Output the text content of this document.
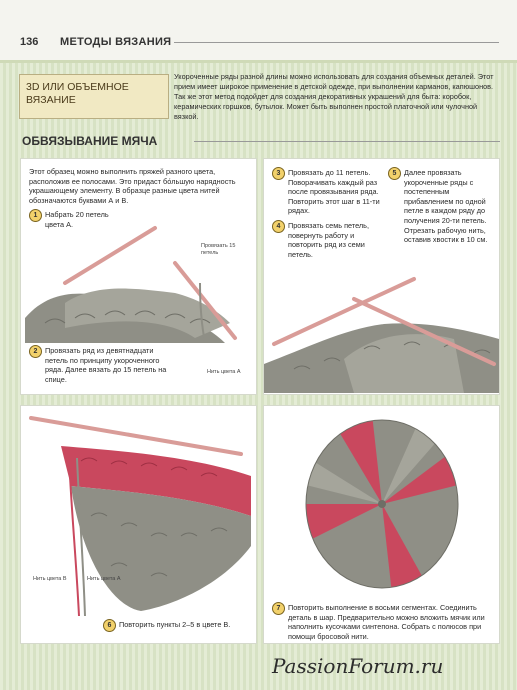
136 МЕТОДЫ ВЯЗАНИЯ
3D ИЛИ ОБЪЕМНОЕ ВЯЗАНИЕ
Укороченные ряды разной длины можно использовать для создания объемных деталей. Этот прием имеет широкое применение в детской одежде, при выполнении карманов, капюшонов. Так же этот метод подойдет для создания декоративных украшений для быта: коробок, керамических горшков, бутылок. Может быть выполнен простой платочной или чулочной вязкой.
ОБВЯЗЫВАНИЕ МЯЧА
Этот образец можно выполнить пряжей разного цвета, расположив ее полосами. Это придаст бо́льшую нарядность украшающему элементу. В образце разные цвета нитей обозначаются буквами А и В.
1	Набрать 20 петель цвета А.
Провязать 15 петель
2	Провязать ряд из девятнадцати петель по принципу укороченного ряда. Далее вязать до 15 петель на спице.
Нить цвета А
3	Провязать до 11 петель. Поворачивать каждый раз после провязывания ряда. Повторить этот шаг в 11-ти рядах.
Провязать семь петель, повернуть работу и повторить ряд из семи петель.
4
5	Далее провязать укороченные ряды с постепенным прибавлением по одной петле в каждом ряду до получения 20-ти петель. Отрезать рабочую нить, оставив хвостик в 10 см.
Нить цвета В	Нить цвета А
6	Повторить пункты 2–5 в цвете В.
7	Повторить выполнение в восьми сегментах. Соединить деталь в шар. Предварительно можно вложить мячик или наполнить кусочками синтепона. Собрать с полюсов при помощи бросовой нити.
PassionForum.ru
